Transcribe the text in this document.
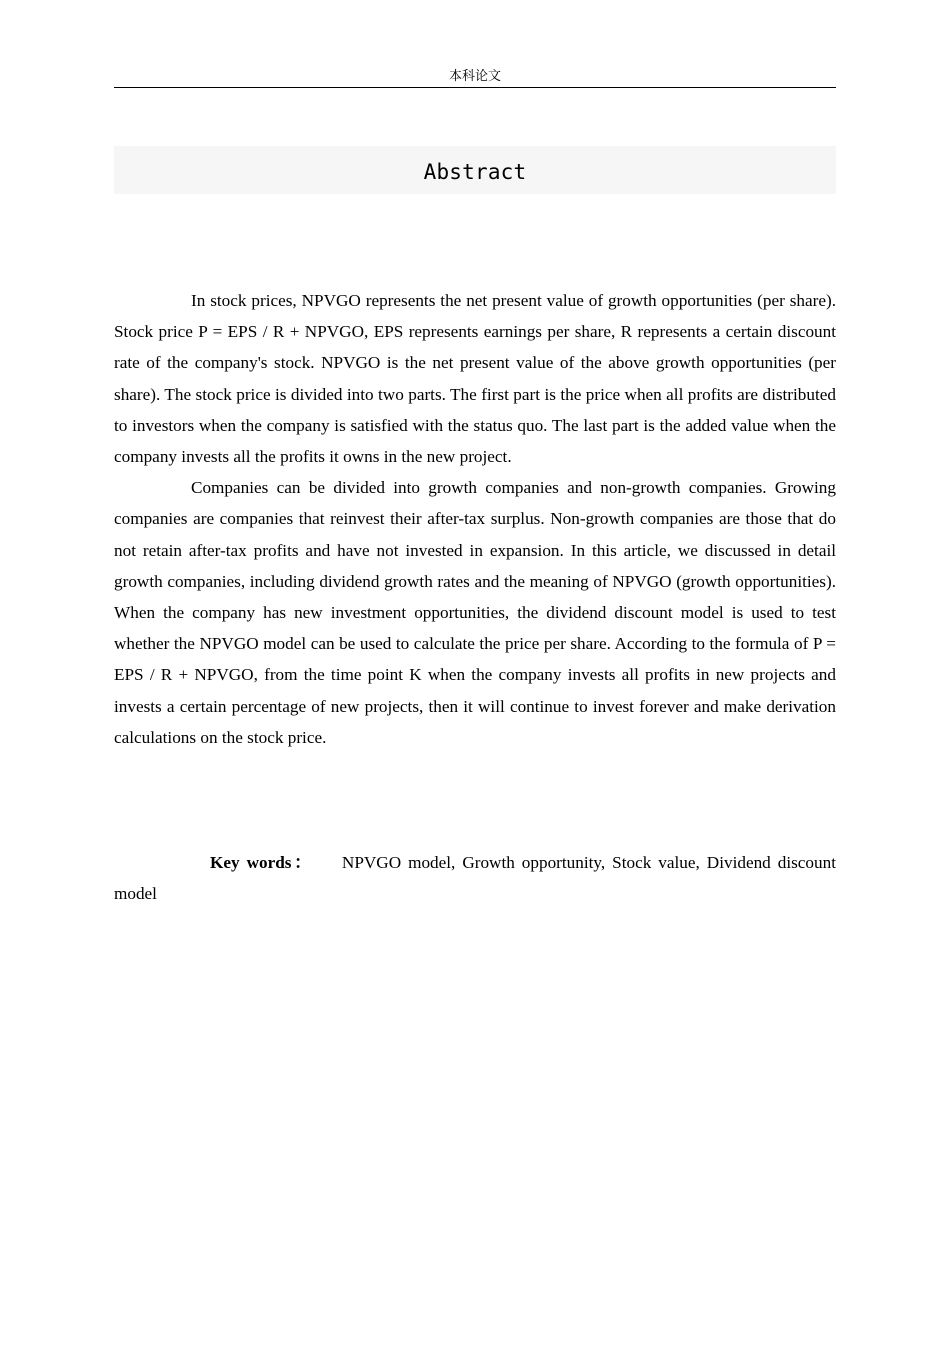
本科论文
Abstract

In stock prices, NPVGO represents the net present value of growth opportunities (per share). Stock price P = EPS / R + NPVGO, EPS represents earnings per share, R represents a certain discount rate of the company's stock. NPVGO is the net present value of the above growth opportunities (per share). The stock price is divided into two parts. The first part is the price when all profits are distributed to investors when the company is satisfied with the status quo. The last part is the added value when the company invests all the profits it owns in the new project.

Companies can be divided into growth companies and non-growth companies. Growing companies are companies that reinvest their after-tax surplus. Non-growth companies are those that do not retain after-tax profits and have not invested in expansion. In this article, we discussed in detail growth companies, including dividend growth rates and the meaning of NPVGO (growth opportunities). When the company has new investment opportunities, the dividend discount model is used to test whether the NPVGO model can be used to calculate the price per share. According to the formula of P = EPS / R + NPVGO, from the time point K when the company invests all profits in new projects and invests a certain percentage of new projects, then it will continue to invest forever and make derivation calculations on the stock price.

Key words： NPVGO model, Growth opportunity, Stock value, Dividend discount model
